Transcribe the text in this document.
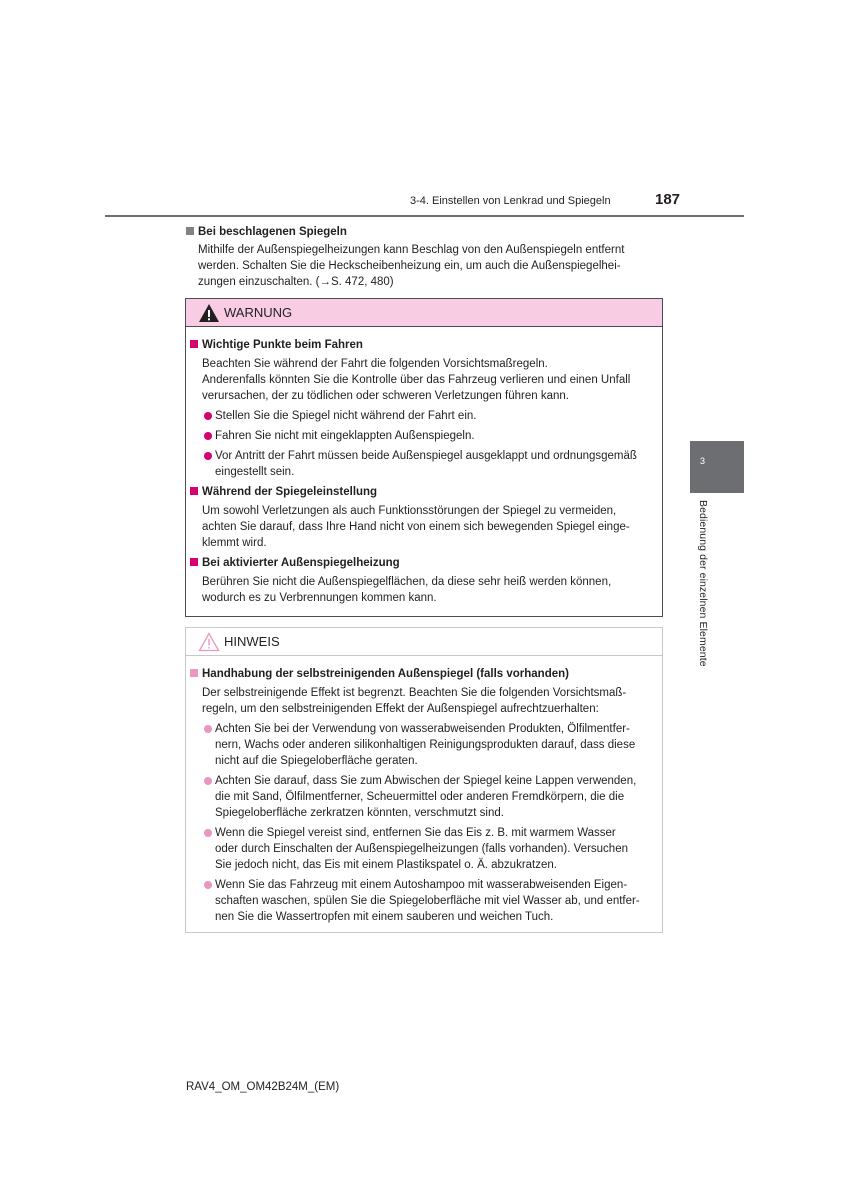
3-4. Einstellen von Lenkrad und Spiegeln	187
3
Bedienung der einzelnen Elemente
Bei beschlagenen Spiegeln
Mithilfe der Außenspiegelheizungen kann Beschlag von den Außenspiegeln entfernt
werden. Schalten Sie die Heckscheibenheizung ein, um auch die Außenspiegelhei-
zungen einzuschalten. (→S. 472, 480)
WARNUNG
Wichtige Punkte beim Fahren
Beachten Sie während der Fahrt die folgenden Vorsichtsmaßregeln.
Anderenfalls könnten Sie die Kontrolle über das Fahrzeug verlieren und einen Unfall
verursachen, der zu tödlichen oder schweren Verletzungen führen kann.
Stellen Sie die Spiegel nicht während der Fahrt ein.
Fahren Sie nicht mit eingeklappten Außenspiegeln.
Vor Antritt der Fahrt müssen beide Außenspiegel ausgeklappt und ordnungsgemäß
eingestellt sein.
Während der Spiegeleinstellung
Um sowohl Verletzungen als auch Funktionsstörungen der Spiegel zu vermeiden,
achten Sie darauf, dass Ihre Hand nicht von einem sich bewegenden Spiegel einge-
klemmt wird.
Bei aktivierter Außenspiegelheizung
Berühren Sie nicht die Außenspiegelflächen, da diese sehr heiß werden können,
wodurch es zu Verbrennungen kommen kann.
HINWEIS
Handhabung der selbstreinigenden Außenspiegel (falls vorhanden)
Der selbstreinigende Effekt ist begrenzt. Beachten Sie die folgenden Vorsichtsmaß-
regeln, um den selbstreinigenden Effekt der Außenspiegel aufrechtzuerhalten:
Achten Sie bei der Verwendung von wasserabweisenden Produkten, Ölfilmentfer-
nern, Wachs oder anderen silikonhaltigen Reinigungsprodukten darauf, dass diese
nicht auf die Spiegeloberfläche geraten.
Achten Sie darauf, dass Sie zum Abwischen der Spiegel keine Lappen verwenden,
die mit Sand, Ölfilmentferner, Scheuermittel oder anderen Fremdkörpern, die die
Spiegeloberfläche zerkratzen könnten, verschmutzt sind.
Wenn die Spiegel vereist sind, entfernen Sie das Eis z. B. mit warmem Wasser
oder durch Einschalten der Außenspiegelheizungen (falls vorhanden). Versuchen
Sie jedoch nicht, das Eis mit einem Plastikspatel o. Ä. abzukratzen.
Wenn Sie das Fahrzeug mit einem Autoshampoo mit wasserabweisenden Eigen-
schaften waschen, spülen Sie die Spiegeloberfläche mit viel Wasser ab, und entfer-
nen Sie die Wassertropfen mit einem sauberen und weichen Tuch.
RAV4_OM_OM42B24M_(EM)
